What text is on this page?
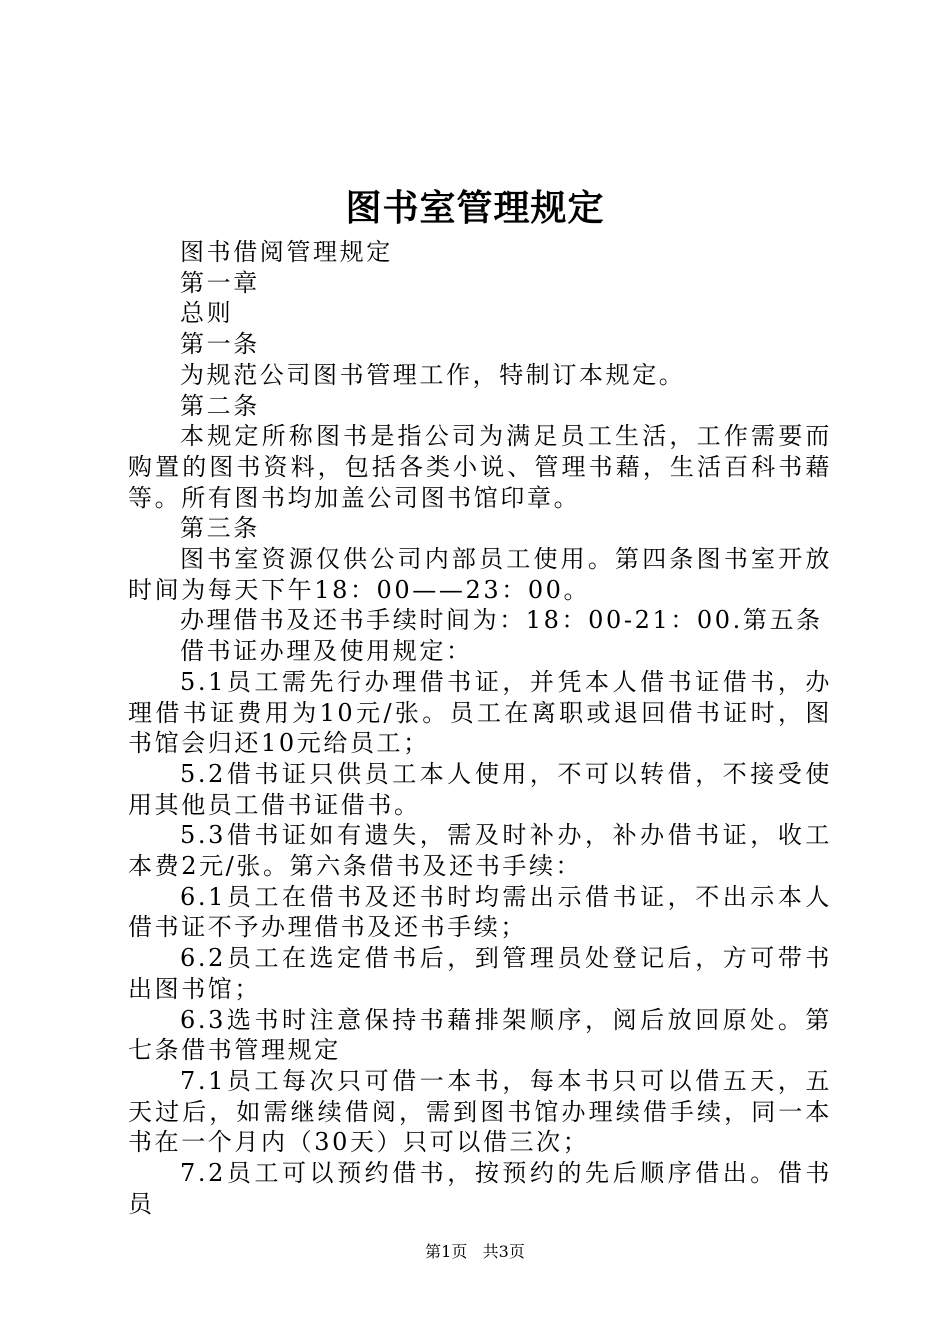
图书室管理规定

图书借阅管理规定

第一章

总则

第一条

为规范公司图书管理工作，特制订本规定。

第二条

本规定所称图书是指公司为满足员工生活，工作需要而购置的图书资料，包括各类小说、管理书藉，生活百科书藉等。所有图书均加盖公司图书馆印章。

第三条

图书室资源仅供公司内部员工使用。第四条图书室开放时间为每天下午18：00——23：00。

办理借书及还书手续时间为：18：00-21：00.第五条

借书证办理及使用规定：

5.1员工需先行办理借书证，并凭本人借书证借书，办理借书证费用为10元/张。员工在离职或退回借书证时，图书馆会归还10元给员工；

5.2借书证只供员工本人使用，不可以转借，不接受使用其他员工借书证借书。

5.3借书证如有遗失，需及时补办，补办借书证，收工本费2元/张。第六条借书及还书手续：

6.1员工在借书及还书时均需出示借书证，不出示本人借书证不予办理借书及还书手续；

6.2员工在选定借书后，到管理员处登记后，方可带书出图书馆；

6.3选书时注意保持书藉排架顺序，阅后放回原处。第七条借书管理规定

7.1员工每次只可借一本书，每本书只可以借五天，五天过后，如需继续借阅，需到图书馆办理续借手续，同一本书在一个月内（30天）只可以借三次；

7.2员工可以预约借书，按预约的先后顺序借出。借书员

第1页 共3页
